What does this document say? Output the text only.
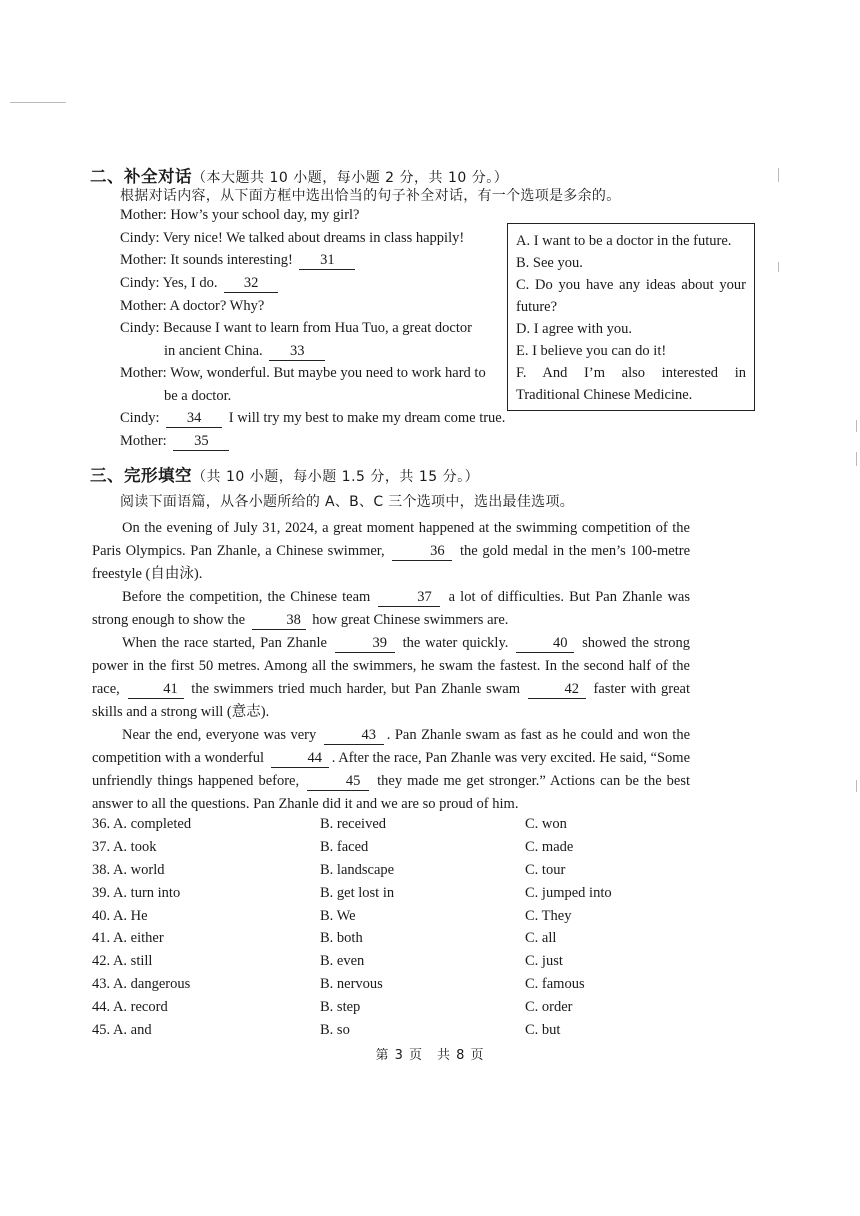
二、补全对话（本大题共 10 小题，每小题 2 分，共 10 分。）
根据对话内容，从下面方框中选出恰当的句子补全对话，有一个选项是多余的。
Mother: How’s your school day, my girl?
Cindy: Very nice! We talked about dreams in class happily!
Mother: It sounds interesting! 31
Cindy: Yes, I do. 32
Mother: A doctor? Why?
Cindy: Because I want to learn from Hua Tuo, a great doctor
in ancient China. 33
Mother: Wow, wonderful. But maybe you need to work hard to
be a doctor.
Cindy: 34 I will try my best to make my dream come true.
Mother: 35
A. I want to be a doctor in the future.
B. See you.
C. Do you have any ideas about your future?
D. I agree with you.
E. I believe you can do it!
F. And I’m also interested in Traditional Chinese Medicine.
三、完形填空（共 10 小题，每小题 1.5 分，共 15 分。）
阅读下面语篇，从各小题所给的 A、B、C 三个选项中，选出最佳选项。

On the evening of July 31, 2024, a great moment happened at the swimming competition of the Paris Olympics. Pan Zhanle, a Chinese swimmer,	36 the gold medal in the men’s 100-metre freestyle (自由泳).

Before the competition, the Chinese team	37 a lot of difficulties. But Pan Zhanle was strong enough to show the	38 how great Chinese swimmers are.

When the race started, Pan Zhanle	39 the water quickly.	40 showed the strong power in the first 50 metres. Among all the swimmers, he swam the fastest. In the second half of the race,	41 the swimmers tried much harder, but Pan Zhanle swam	42 faster with great skills and a strong will (意志).

Near the end, everyone was very	43 . Pan Zhanle swam as fast as he could and won the competition with a wonderful	44 . After the race, Pan Zhanle was very excited. He said, “Some unfriendly things happened before,	45 they made me get stronger.” Actions can be the best answer to all the questions. Pan Zhanle did it and we are so proud of him.

36. A. completed	B. received	C. won
37. A. took	B. faced	C. made
38. A. world	B. landscape	C. tour
39. A. turn into	B. get lost in	C. jumped into
40. A. He	B. We	C. They
41. A. either	B. both	C. all
42. A. still	B. even	C. just
43. A. dangerous	B. nervous	C. famous
44. A. record	B. step	C. order
45. A. and	B. so	C. but
第 3 页　共 8 页
